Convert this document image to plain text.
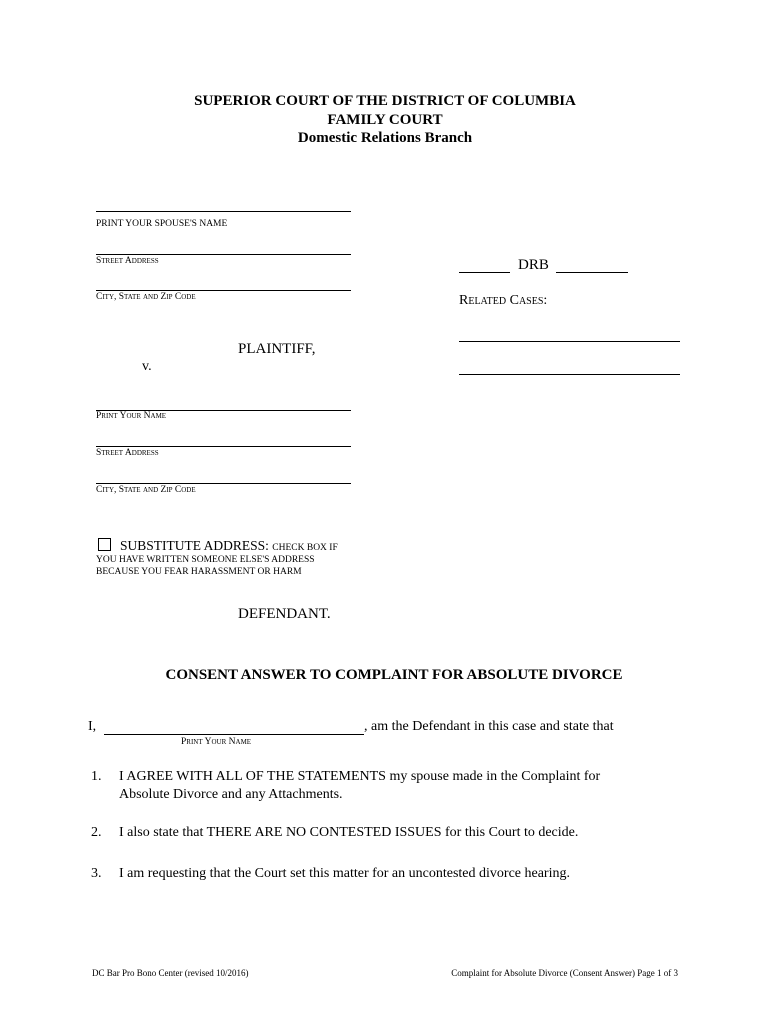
SUPERIOR COURT OF THE DISTRICT OF COLUMBIA
FAMILY COURT
Domestic Relations Branch
PRINT YOUR SPOUSE'S NAME
Street Address
City, State and Zip Code
PLAINTIFF,
v.
DRB
Related Cases:
Print Your Name
Street Address
City, State and Zip Code
SUBSTITUTE ADDRESS: CHECK BOX IF
YOU HAVE WRITTEN SOMEONE ELSE'S ADDRESS
BECAUSE YOU FEAR HARASSMENT OR HARM
DEFENDANT.
CONSENT ANSWER TO COMPLAINT FOR ABSOLUTE DIVORCE
I,	, am the Defendant in this case and state that
Print Your Name
1. I AGREE WITH ALL OF THE STATEMENTS my spouse made in the Complaint for
Absolute Divorce and any Attachments.
2. I also state that THERE ARE NO CONTESTED ISSUES for this Court to decide.
3. I am requesting that the Court set this matter for an uncontested divorce hearing.
DC Bar Pro Bono Center (revised 10/2016)	Complaint for Absolute Divorce (Consent Answer) Page 1 of 3
